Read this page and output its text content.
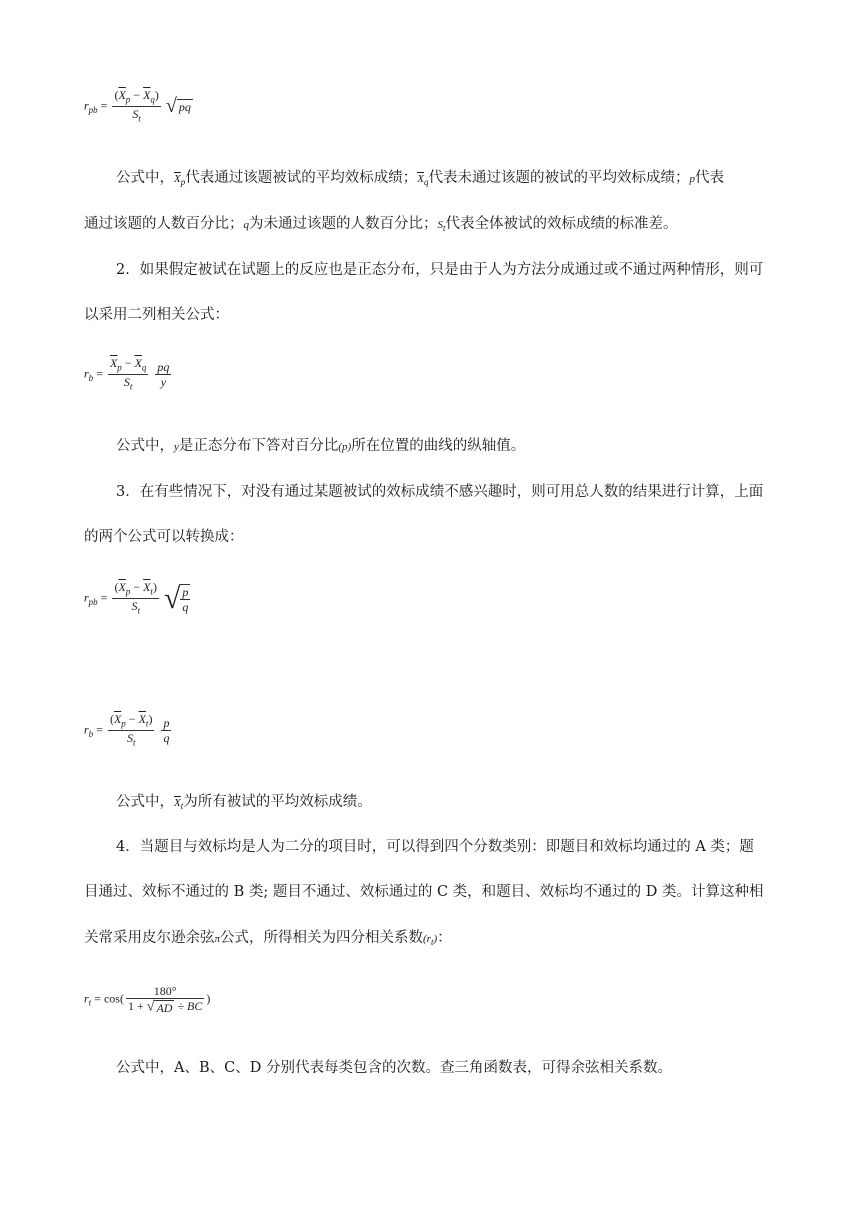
$r_{pb} = \frac{(\overline{X}_p - \overline{X}_q)}{S_t}$ √ pq
公式中，$\overline{X}_p$代表通过该题被试的平均效标成绩；$\overline{X}_q$代表未通过该题的被试的平均效标成绩；p代表
通过该题的人数百分比；q为未通过该题的人数百分比；$S_t$代表全体被试的效标成绩的标准差。
2．如果假定被试在试题上的反应也是正态分布，只是由于人为方法分成通过或不通过两种情形，则可
以采用二列相关公式：
$r_b = \frac{\overline{X}_p - \overline{X}_q}{S_t}$
$\frac{pq}{y}$
公式中，y是正态分布下答对百分比(p)所在位置的曲线的纵轴值。
3．在有些情况下，对没有通过某题被试的效标成绩不感兴趣时，则可用总人数的结果进行计算，上面
的两个公式可以转换成：
$r_{pb} = \frac{(\overline{X}_p - \overline{X}_t)}{S_t}$ √ $\frac{p}{q}$
$r_b = \frac{(\overline{X}_p - \overline{X}_t)}{S_t}$
$\frac{p}{q}$
公式中，$\overline{X}_t$为所有被试的平均效标成绩。
4．当题目与效标均是人为二分的项目时，可以得到四个分数类别：即题目和效标均通过的 A 类；题
目通过、效标不通过的 B 类; 题目不通过、效标通过的 C 类，和题目、效标均不通过的 D 类。计算这种相
关常采用皮尔逊余弦π公式，所得相关为四分相关系数$(r_t)$：
$r_t = \cos( \frac{180^\circ}{1 + √ AD \div BC}$ )
公式中，A、B、C、D 分别代表每类包含的次数。查三角函数表，可得余弦相关系数。
